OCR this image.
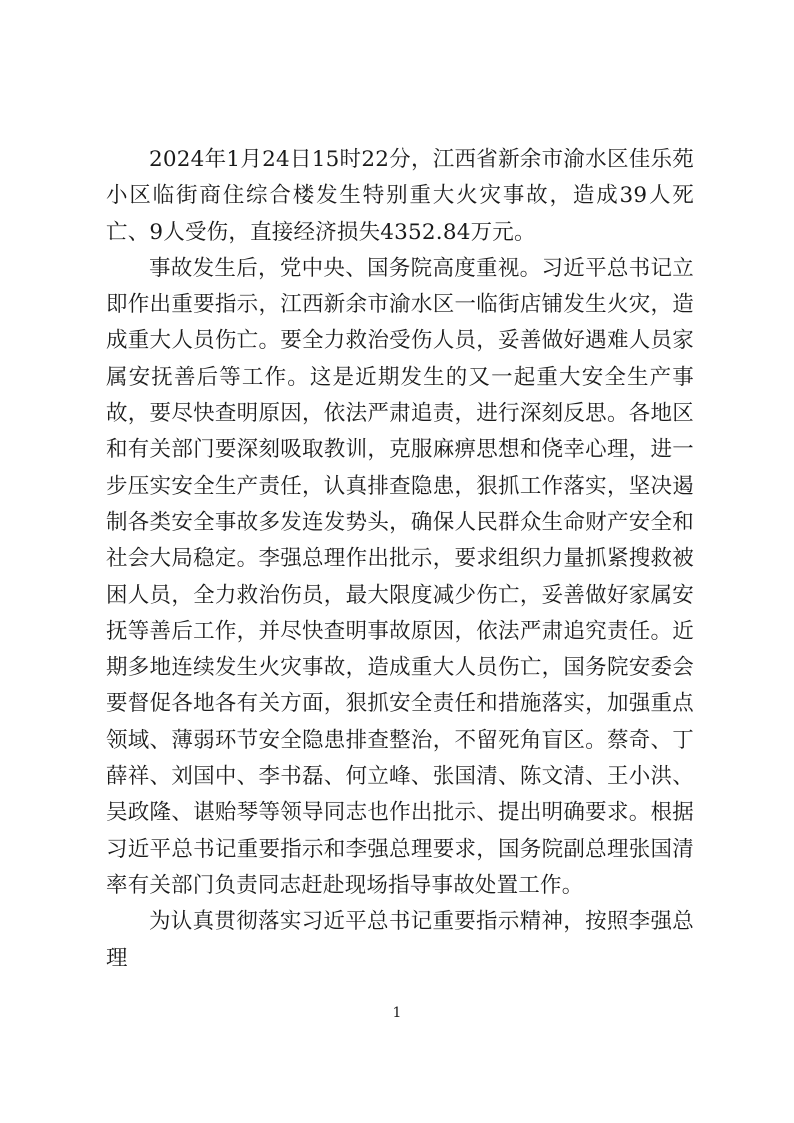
2024年1月24日15时22分，江西省新余市渝水区佳乐苑小区临街商住综合楼发生特别重大火灾事故，造成39人死亡、9人受伤，直接经济损失4352.84万元。

事故发生后，党中央、国务院高度重视。习近平总书记立即作出重要指示，江西新余市渝水区一临街店铺发生火灾，造成重大人员伤亡。要全力救治受伤人员，妥善做好遇难人员家属安抚善后等工作。这是近期发生的又一起重大安全生产事故，要尽快查明原因，依法严肃追责，进行深刻反思。各地区和有关部门要深刻吸取教训，克服麻痹思想和侥幸心理，进一步压实安全生产责任，认真排查隐患，狠抓工作落实，坚决遏制各类安全事故多发连发势头，确保人民群众生命财产安全和社会大局稳定。李强总理作出批示，要求组织力量抓紧搜救被困人员，全力救治伤员，最大限度减少伤亡，妥善做好家属安抚等善后工作，并尽快查明事故原因，依法严肃追究责任。近期多地连续发生火灾事故，造成重大人员伤亡，国务院安委会要督促各地各有关方面，狠抓安全责任和措施落实，加强重点领域、薄弱环节安全隐患排查整治，不留死角盲区。蔡奇、丁薛祥、刘国中、李书磊、何立峰、张国清、陈文清、王小洪、吴政隆、谌贻琴等领导同志也作出批示、提出明确要求。根据习近平总书记重要指示和李强总理要求，国务院副总理张国清率有关部门负责同志赶赴现场指导事故处置工作。

为认真贯彻落实习近平总书记重要指示精神，按照李强总理

1
